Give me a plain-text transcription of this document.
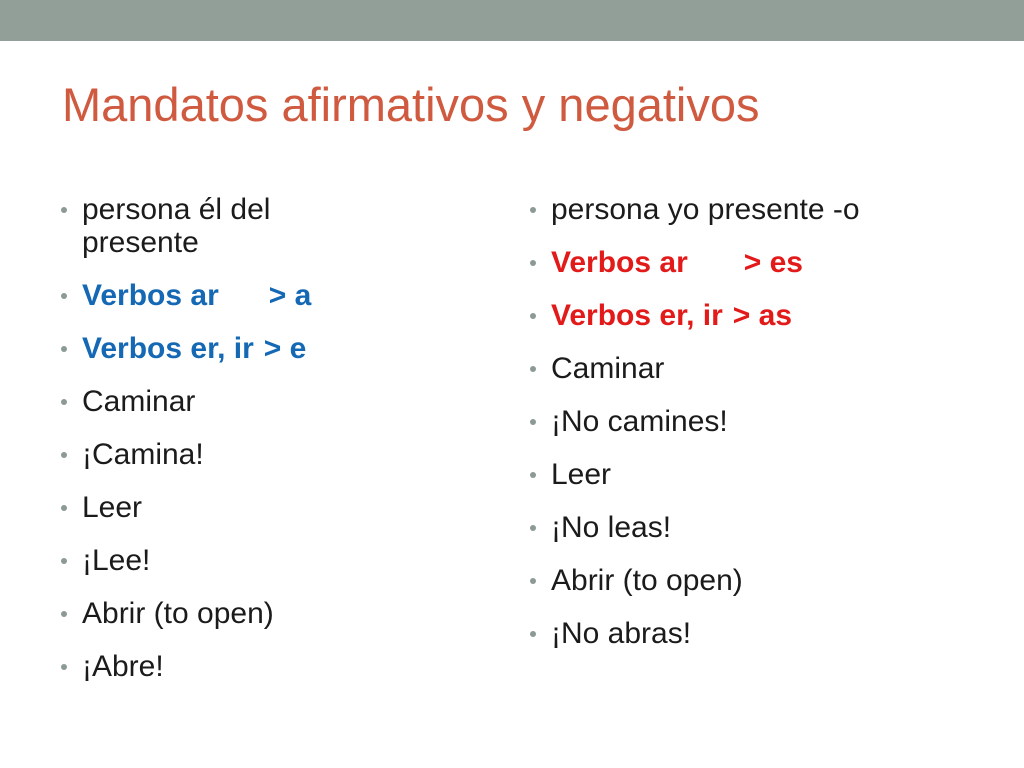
Mandatos afirmativos y negativos
persona él del presente
Verbos ar > a
Verbos er, ir > e
Caminar
¡Camina!
Leer
¡Lee!
Abrir (to open)
¡Abre!
persona yo presente -o
Verbos ar > es
Verbos er, ir > as
Caminar
¡No camines!
Leer
¡No leas!
Abrir (to open)
¡No abras!
